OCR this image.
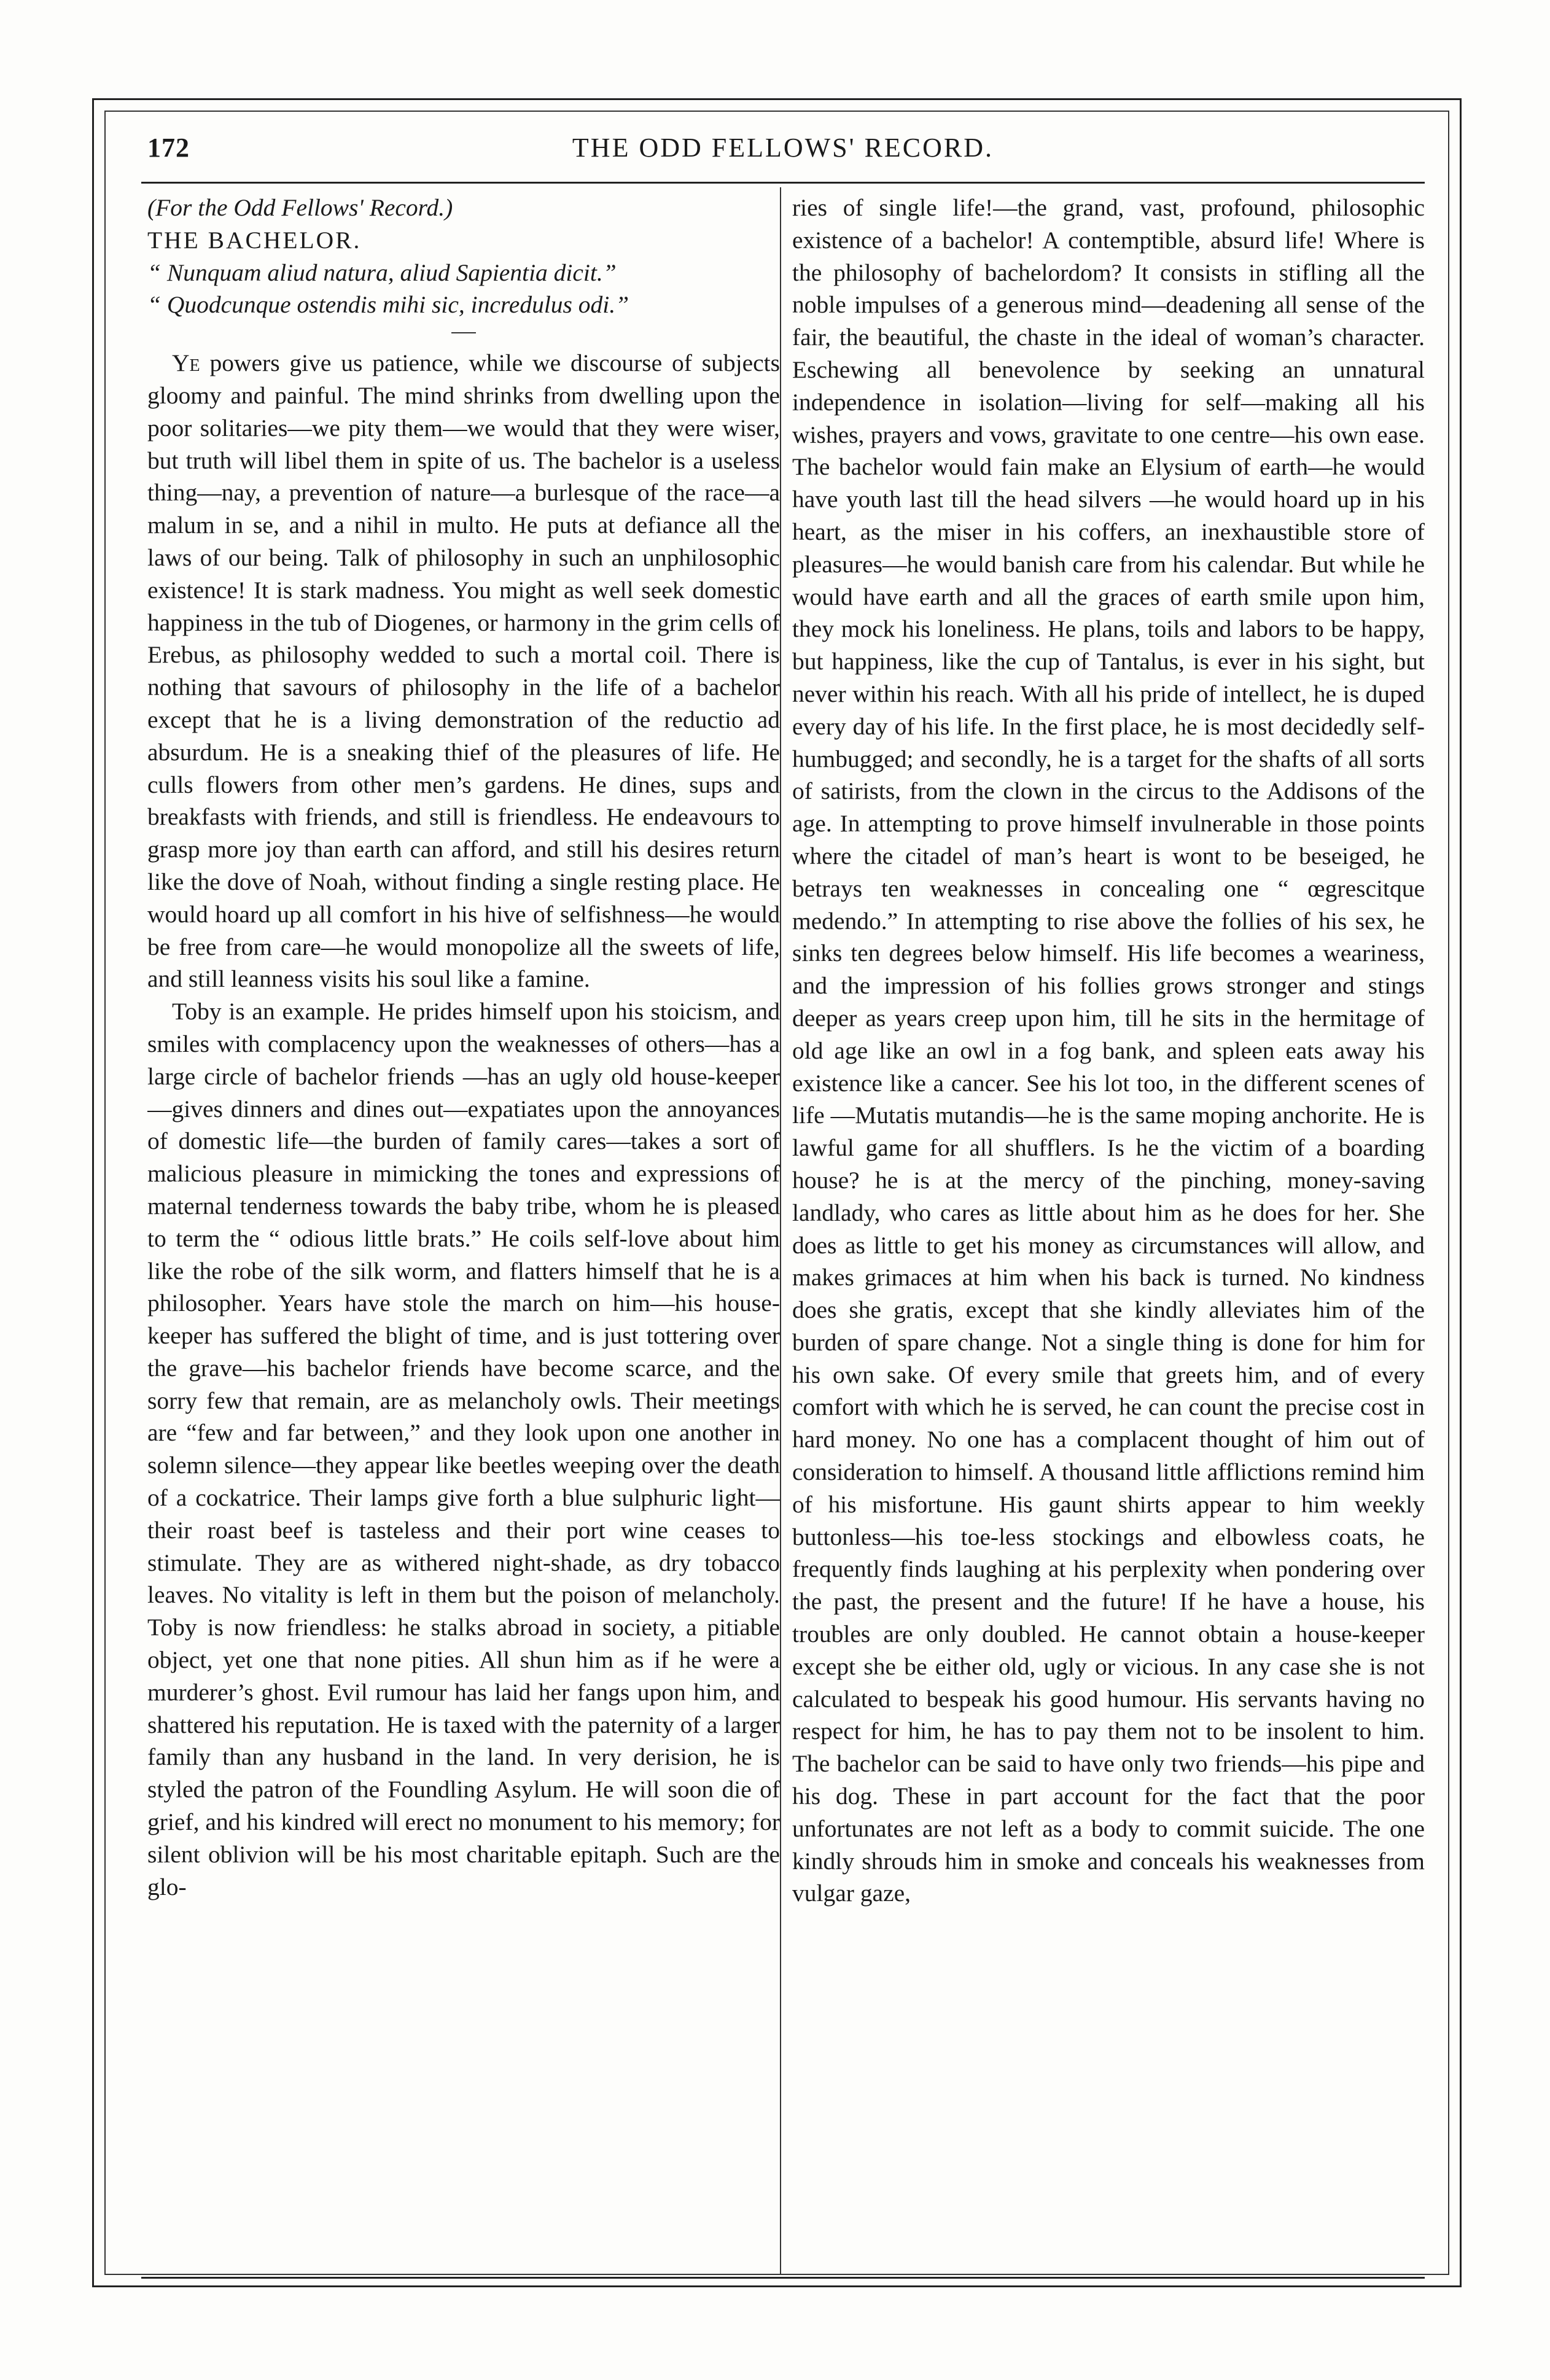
172	THE ODD FELLOWS' RECORD.

(For the Odd Fellows' Record.)

THE BACHELOR.

“ Nunquam aliud natura, aliud Sapientia dicit.”

“ Quodcunque ostendis mihi sic, incredulus odi.”

Ye powers give us patience, while we discourse of subjects gloomy and painful. The mind shrinks from dwelling upon the poor solitaries—we pity them—we would that they were wiser, but truth will libel them in spite of us. The bachelor is a useless thing—nay, a prevention of nature—a burlesque of the race—a malum in se, and a nihil in multo. He puts at defiance all the laws of our being. Talk of philosophy in such an unphilosophic existence! It is stark madness. You might as well seek domestic happiness in the tub of Diogenes, or harmony in the grim cells of Erebus, as philosophy wedded to such a mortal coil. There is nothing that savours of philosophy in the life of a bachelor except that he is a living demonstration of the reductio ad absurdum. He is a sneaking thief of the pleasures of life. He culls flowers from other men’s gardens. He dines, sups and breakfasts with friends, and still is friendless. He endeavours to grasp more joy than earth can afford, and still his desires return like the dove of Noah, without finding a single resting place. He would hoard up all comfort in his hive of selfishness—he would be free from care—he would monopolize all the sweets of life, and still leanness visits his soul like a famine.

Toby is an example. He prides himself upon his stoicism, and smiles with complacency upon the weaknesses of others—has a large circle of bachelor friends —has an ugly old house-keeper—gives dinners and dines out—expatiates upon the annoyances of domestic life—the burden of family cares—takes a sort of malicious pleasure in mimicking the tones and expressions of maternal tenderness towards the baby tribe, whom he is pleased to term the “ odious little brats.” He coils self-love about him like the robe of the silk worm, and flatters himself that he is a philosopher. Years have stole the march on him—his house-keeper has suffered the blight of time, and is just tottering over the grave—his bachelor friends have become scarce, and the sorry few that remain, are as melancholy owls. Their meetings are “few and far between,” and they look upon one another in solemn silence—they appear like beetles weeping over the death of a cockatrice. Their lamps give forth a blue sulphuric light—their roast beef is tasteless and their port wine ceases to stimulate. They are as withered night-shade, as dry tobacco leaves. No vitality is left in them but the poison of melancholy. Toby is now friendless: he stalks abroad in society, a pitiable object, yet one that none pities. All shun him as if he were a murderer’s ghost. Evil rumour has laid her fangs upon him, and shattered his reputation. He is taxed with the paternity of a larger family than any husband in the land. In very derision, he is styled the patron of the Foundling Asylum. He will soon die of grief, and his kindred will erect no monument to his memory; for silent oblivion will be his most charitable epitaph. Such are the glo-

ries of single life!—the grand, vast, profound, philosophic existence of a bachelor! A contemptible, absurd life! Where is the philosophy of bachelordom? It consists in stifling all the noble impulses of a generous mind—deadening all sense of the fair, the beautiful, the chaste in the ideal of woman’s character. Eschewing all benevolence by seeking an unnatural independence in isolation—living for self—making all his wishes, prayers and vows, gravitate to one centre—his own ease. The bachelor would fain make an Elysium of earth—he would have youth last till the head silvers —he would hoard up in his heart, as the miser in his coffers, an inexhaustible store of pleasures—he would banish care from his calendar. But while he would have earth and all the graces of earth smile upon him, they mock his loneliness. He plans, toils and labors to be happy, but happiness, like the cup of Tantalus, is ever in his sight, but never within his reach. With all his pride of intellect, he is duped every day of his life. In the first place, he is most decidedly self-humbugged; and secondly, he is a target for the shafts of all sorts of satirists, from the clown in the circus to the Addisons of the age. In attempting to prove himself invulnerable in those points where the citadel of man’s heart is wont to be beseiged, he betrays ten weaknesses in concealing one “ œgrescitque medendo.” In attempting to rise above the follies of his sex, he sinks ten degrees below himself. His life becomes a weariness, and the impression of his follies grows stronger and stings deeper as years creep upon him, till he sits in the hermitage of old age like an owl in a fog bank, and spleen eats away his existence like a cancer. See his lot too, in the different scenes of life —Mutatis mutandis—he is the same moping anchorite. He is lawful game for all shufflers. Is he the victim of a boarding house? he is at the mercy of the pinching, money-saving landlady, who cares as little about him as he does for her. She does as little to get his money as circumstances will allow, and makes grimaces at him when his back is turned. No kindness does she gratis, except that she kindly alleviates him of the burden of spare change. Not a single thing is done for him for his own sake. Of every smile that greets him, and of every comfort with which he is served, he can count the precise cost in hard money. No one has a complacent thought of him out of consideration to himself. A thousand little afflictions remind him of his misfortune. His gaunt shirts appear to him weekly buttonless—his toe-less stockings and elbowless coats, he frequently finds laughing at his perplexity when pondering over the past, the present and the future! If he have a house, his troubles are only doubled. He cannot obtain a house-keeper except she be either old, ugly or vicious. In any case she is not calculated to bespeak his good humour. His servants having no respect for him, he has to pay them not to be insolent to him. The bachelor can be said to have only two friends—his pipe and his dog. These in part account for the fact that the poor unfortunates are not left as a body to commit suicide. The one kindly shrouds him in smoke and conceals his weaknesses from vulgar gaze,
